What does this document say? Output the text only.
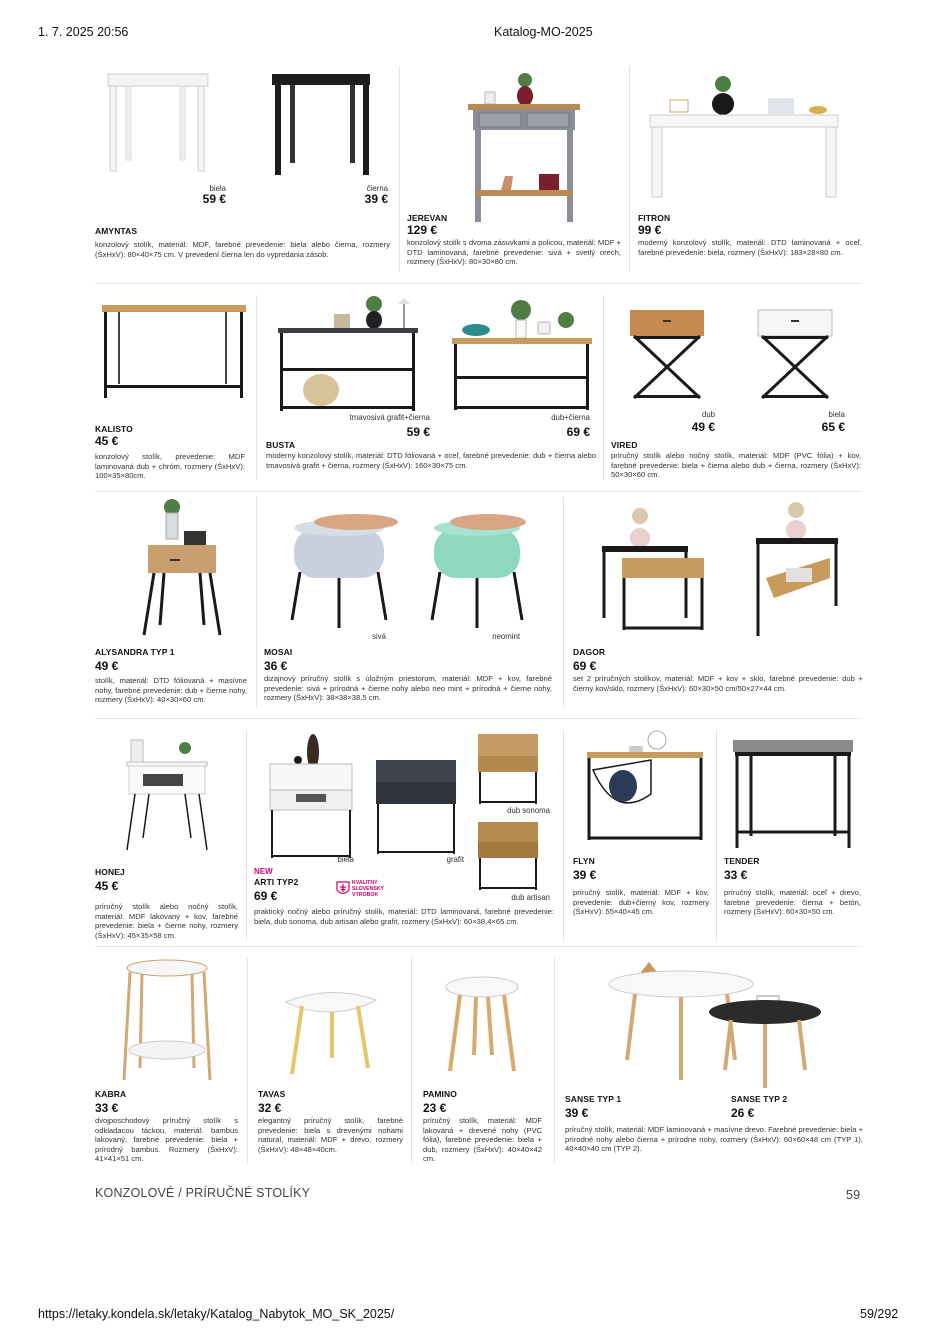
1. 7. 2025 20:56	Katalog-MO-2025
biela
59 €
čierna
39 €
AMYNTAS
konzolový stolík, materiál: MDF, farebné prevedenie: biela alebo čierna, rozmery (ŠxHxV): 80×40×75 cm. V prevedení čierna len do vypredania zásob.
JEREVAN
129 €
konzolový stolík s dvoma zásuvkami a policou, materiál: MDF + DTD laminovaná, farebné prevedenie: sivá + svetlý orech, rozmery (ŠxHxV): 80×30×80 cm.
FITRON
99 €
moderný konzolový stolík, materiál: DTD laminovaná + oceľ, farebné prevedenie: biela, rozmery (ŠxHxV): 183×28×80 cm.
KALISTO
45 €
konzolový stolík, prevedenie: MDF laminovaná dub + chróm, rozmery (ŠxHxV): 100×35×80cm.
tmavosivá grafit+čierna
59 €
dub+čierna
69 €
BUSTA
moderny konzolový stolík, materiál: DTD fóliovaná + oceľ, farebné prevedenie: dub + čierna alebo tmavosivá grafit + čierna, rozmery (ŠxHxV): 160×30×75 cm.
dub
49 €
biela
65 €
VIRED
príručný stolík alebo nočný stolík, materiál: MDF (PVC fólia) + kov, farebné prevedenie: biela + čierna alebo dub + čierna, rozmery (ŠxHxV): 50×30×60 cm.
ALYSANDRA TYP 1
49 €
stolík, materiál: DTD fóliovaná + masívne nohy, farebné prevedenie: dub + čierne nohy, rozmery (ŠxHxV): 40×30×60 cm.
sivá	neomint
MOSAI
36 €
dizajnový príručný stolík s úložným priestorom, materiál: MDF + kov, farebné prevedenie: sivá + prírodná + čierne nohy alebo neo mint + prírodná + čierne nohy, rozmery (ŠxHxV): 38×38×38,5 cm.
DAGOR
69 €
set 2 príručných stolíkov, materiál: MDF + kov + sklo, farebné prevedenie: dub + čierny kov/sklo, rozmery (ŠxHxV): 60×30×50 cm/50×27×44 cm.
HONEJ
45 €
príručný stolík alebo nočný stolík, materiál: MDF lakovaný + kov, farebné prevedenie: biela + čierne nohy, rozmery (ŠxHxV): 45×35×58 cm.
biela	grafit
dub sonoma
dub artisan
NEW
ARTI TYP2
69 €
KVALITNÝ
SLOVENSKÝ
VÝROBOK
praktický nočný alebo príručný stolík, materiál: DTD laminovaná, farebné prevedenie: biela, dub sonoma, dub artisan alebo grafit, rozmery (ŠxHxV): 60×38,4×65 cm.
FLYN
39 €
príručný stolík, materiál: MDF + kov, prevedenie: dub+čierny kov, rozmery (ŠxHxV): 55×40×45 cm.
TENDER
33 €
príručný stolík, materiál: oceľ + drevo, farebné prevedenie: čierna + betón, rozmery (ŠxHxV): 60×30×50 cm.
KABRA
33 €
dvojposchodový príručný stolík s odkladacou táckou, materiál: bambus lakovaný, farebné prevedenie: biela + prírodný bambus. Rozmery (ŠxHxV): 41×41×51 cm.
TAVAS
32 €
elegantný príručný stolík, farebné prevedenie: biela s drevenými nohami natural, materiál: MDF + drevo, rozmery (ŠxHxV): 48×48×40cm.
PAMINO
23 €
príručný stolík, materiál: MDF lakovaná + drevené nohy (PVC fólia), farebné prevedenie: biela + dub, rozmery (ŠxHxV): 40×40×42 cm.
SANSE TYP 1
39 €
SANSE TYP 2
26 €
príručný stolík, materiál: MDF laminovaná + masívne drevo. Farebné prevedenie: biela + prírodné nohy alebo čierna + prírodne nohy, rozmery (ŠxHxV): 60×60×48 cm (TYP 1), 40×40×40 cm (TYP 2).
KONZOLOVÉ / PRÍRUČNÉ STOLÍKY	59
https://letaky.kondela.sk/letaky/Katalog_Nabytok_MO_SK_2025/	59/292
